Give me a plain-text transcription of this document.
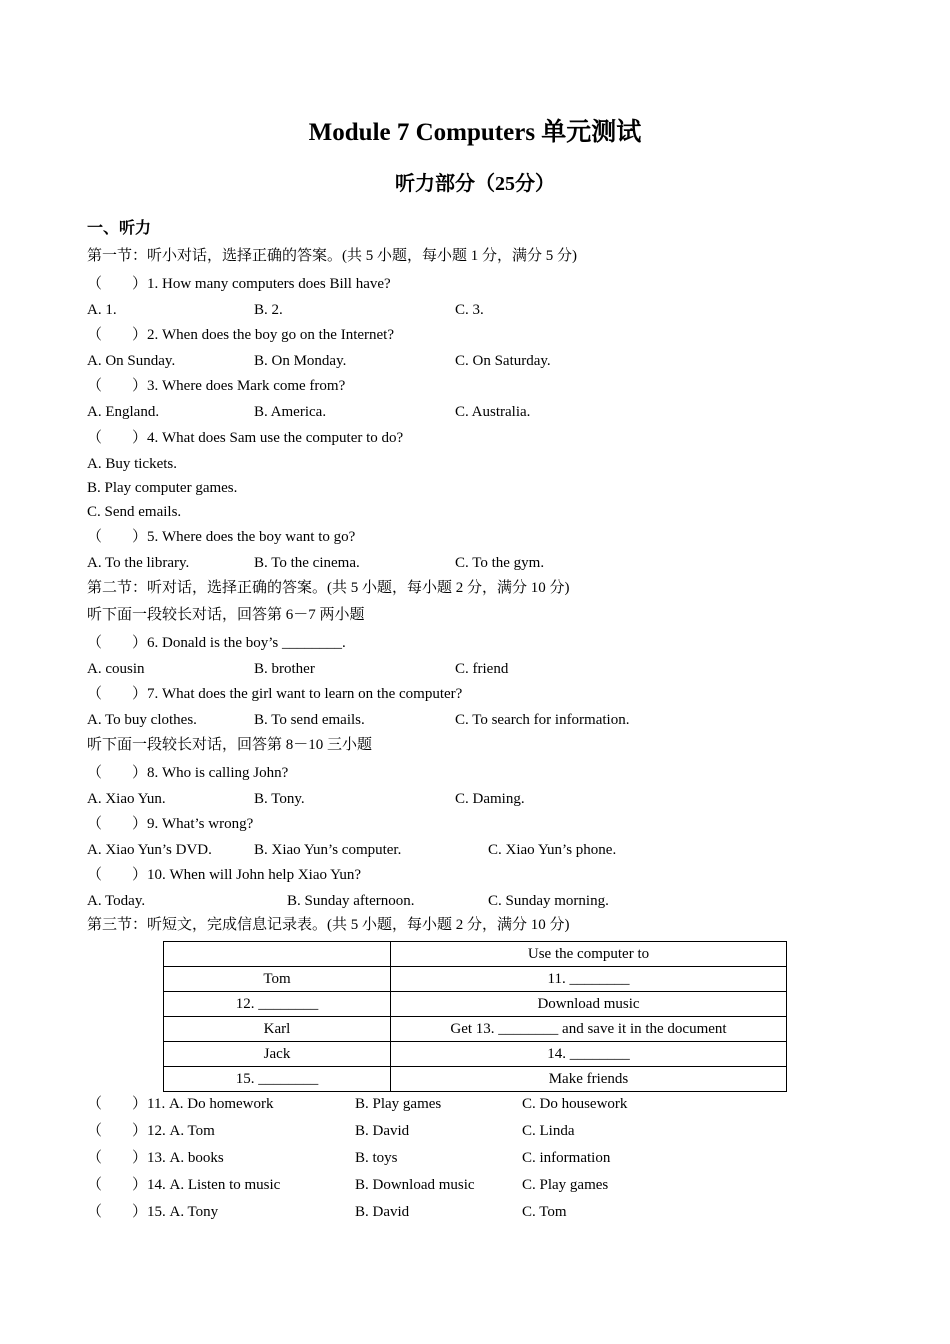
Module 7 Computers 单元测试
听力部分（25分）
一、听力
第一节：听小对话，选择正确的答案。(共 5 小题，每小题 1 分，满分 5 分)
（　　）1. How many computers does Bill have?
A. 1.	B. 2.	C. 3.
（　　）2. When does the boy go on the Internet?
A. On Sunday.	B. On Monday.	C. On Saturday.
（　　）3. Where does Mark come from?
A. England.	B. America.	C. Australia.
（　　）4. What does Sam use the computer to do?
A. Buy tickets.
B. Play computer games.
C. Send emails.
（　　）5. Where does the boy want to go?
A. To the library.	B. To the cinema.	C. To the gym.
第二节：听对话，选择正确的答案。(共 5 小题，每小题 2 分，满分 10 分)
听下面一段较长对话，回答第 6－7 两小题
（　　）6. Donald is the boy’s ________.
A. cousin	B. brother	C. friend
（　　）7. What does the girl want to learn on the computer?
A. To buy clothes.	B. To send emails.	C. To search for information.
听下面一段较长对话，回答第 8－10 三小题
（　　）8. Who is calling John?
A. Xiao Yun.	B. Tony.	C. Daming.
（　　）9. What’s wrong?
A. Xiao Yun’s DVD.	B. Xiao Yun’s computer.	C. Xiao Yun’s phone.
（　　）10. When will John help Xiao Yun?
A. Today.	B. Sunday afternoon.	C. Sunday morning.
第三节：听短文，完成信息记录表。(共 5 小题，每小题 2 分，满分 10 分)
	Use the computer to
Tom	11. ________
12. ________	Download music
Karl	Get 13. ________ and save it in the document
Jack	14. ________
15. ________	Make friends
（　　）11. A. Do homework	B. Play games	C. Do housework
（　　）12. A. Tom	B. David	C. Linda
（　　）13. A. books	B. toys	C. information
（　　）14. A. Listen to music	B. Download music	C. Play games
（　　）15. A. Tony	B. David	C. Tom
